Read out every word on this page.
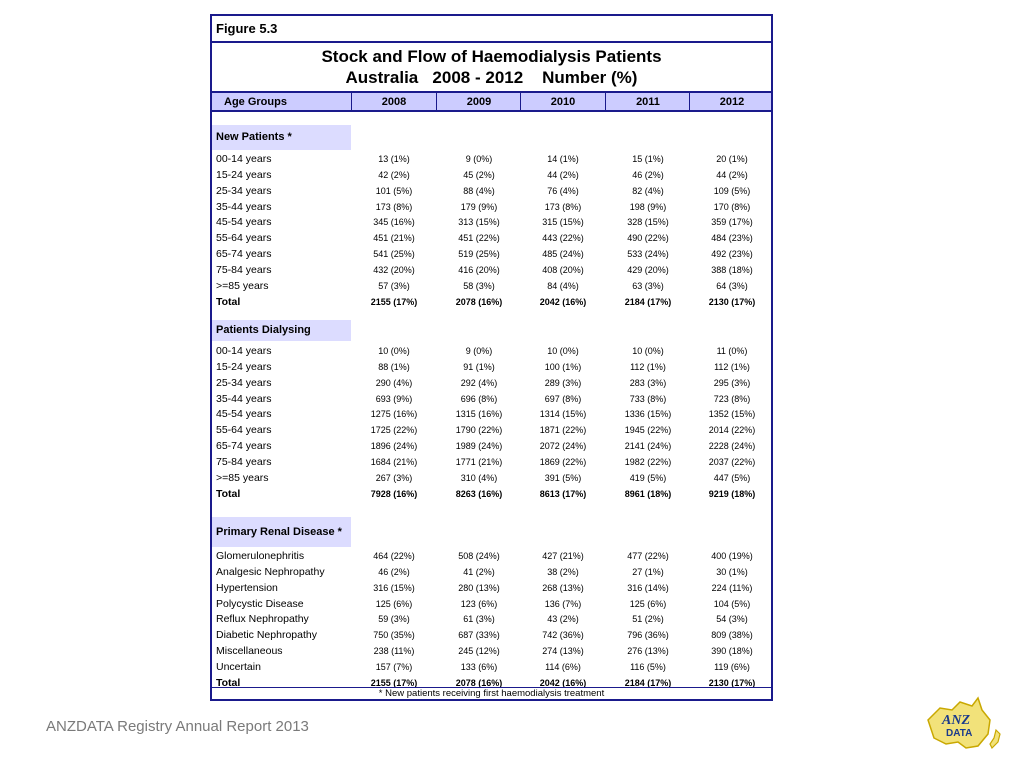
Figure 5.3
Stock and Flow of Haemodialysis Patients
Australia   2008 - 2012    Number (%)
Age Groups	2008	2009	2010	2011	2012
New Patients *
00-14 years	13 (1%)	9 (0%)	14 (1%)	15 (1%)	20 (1%)
15-24 years	42 (2%)	45 (2%)	44 (2%)	46 (2%)	44 (2%)
25-34 years	101 (5%)	88 (4%)	76 (4%)	82 (4%)	109 (5%)
35-44 years	173 (8%)	179 (9%)	173 (8%)	198 (9%)	170 (8%)
45-54 years	345 (16%)	313 (15%)	315 (15%)	328 (15%)	359 (17%)
55-64 years	451 (21%)	451 (22%)	443 (22%)	490 (22%)	484 (23%)
65-74 years	541 (25%)	519 (25%)	485 (24%)	533 (24%)	492 (23%)
75-84 years	432 (20%)	416 (20%)	408 (20%)	429 (20%)	388 (18%)
>=85 years	57 (3%)	58 (3%)	84 (4%)	63 (3%)	64 (3%)
Total	2155 (17%)	2078 (16%)	2042 (16%)	2184 (17%)	2130 (17%)
Patients Dialysing
00-14 years	10 (0%)	9 (0%)	10 (0%)	10 (0%)	11 (0%)
15-24 years	88 (1%)	91 (1%)	100 (1%)	112 (1%)	112 (1%)
25-34 years	290 (4%)	292 (4%)	289 (3%)	283 (3%)	295 (3%)
35-44 years	693 (9%)	696 (8%)	697 (8%)	733 (8%)	723 (8%)
45-54 years	1275 (16%)	1315 (16%)	1314 (15%)	1336 (15%)	1352 (15%)
55-64 years	1725 (22%)	1790 (22%)	1871 (22%)	1945 (22%)	2014 (22%)
65-74 years	1896 (24%)	1989 (24%)	2072 (24%)	2141 (24%)	2228 (24%)
75-84 years	1684 (21%)	1771 (21%)	1869 (22%)	1982 (22%)	2037 (22%)
>=85 years	267 (3%)	310 (4%)	391 (5%)	419 (5%)	447 (5%)
Total	7928 (16%)	8263 (16%)	8613 (17%)	8961 (18%)	9219 (18%)
Primary Renal Disease *
Glomerulonephritis	464 (22%)	508 (24%)	427 (21%)	477 (22%)	400 (19%)
Analgesic Nephropathy	46 (2%)	41 (2%)	38 (2%)	27 (1%)	30 (1%)
Hypertension	316 (15%)	280 (13%)	268 (13%)	316 (14%)	224 (11%)
Polycystic Disease	125 (6%)	123 (6%)	136 (7%)	125 (6%)	104 (5%)
Reflux Nephropathy	59 (3%)	61 (3%)	43 (2%)	51 (2%)	54 (3%)
Diabetic Nephropathy	750 (35%)	687 (33%)	742 (36%)	796 (36%)	809 (38%)
Miscellaneous	238 (11%)	245 (12%)	274 (13%)	276 (13%)	390 (18%)
Uncertain	157 (7%)	133 (6%)	114 (6%)	116 (5%)	119 (6%)
Total	2155 (17%)	2078 (16%)	2042 (16%)	2184 (17%)	2130 (17%)
* New patients receiving first haemodialysis treatment
ANZDATA Registry Annual Report 2013	ANZ
DATA
